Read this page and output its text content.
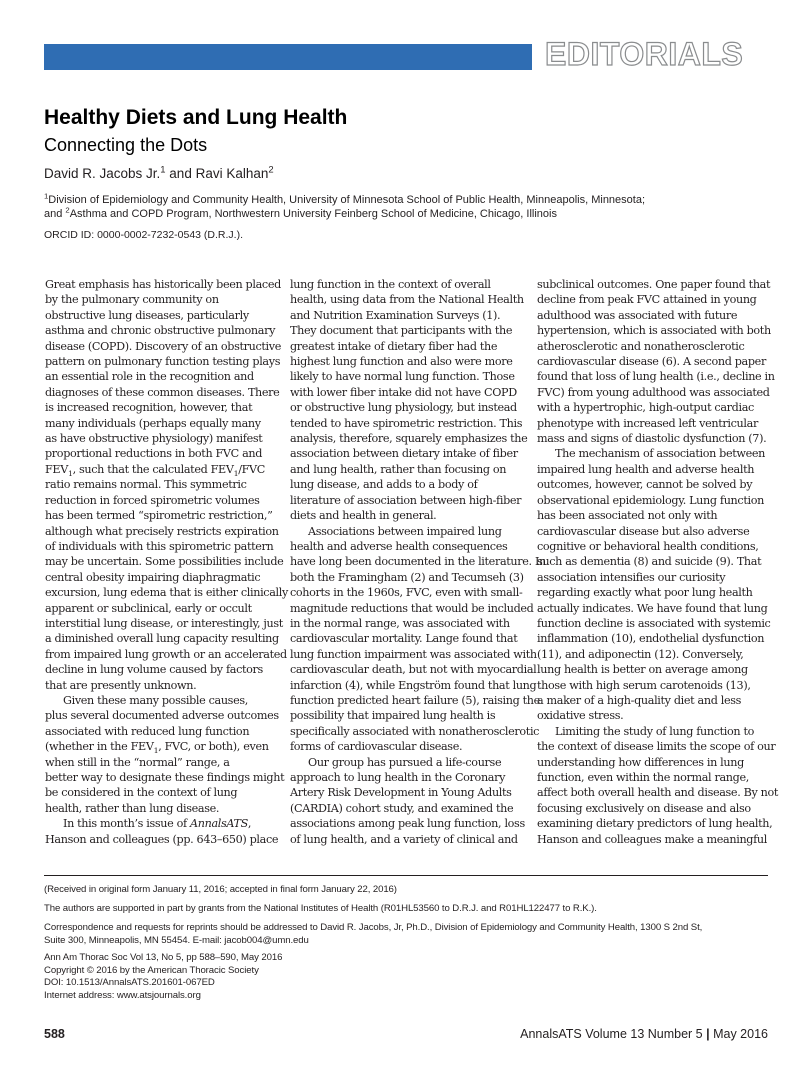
EDITORIALS
Healthy Diets and Lung Health
Connecting the Dots
David R. Jacobs Jr.$^1$ and Ravi Kalhan$^2$
$^1$Division of Epidemiology and Community Health, University of Minnesota School of Public Health, Minneapolis, Minnesota;
and $^2$Asthma and COPD Program, Northwestern University Feinberg School of Medicine, Chicago, Illinois
ORCID ID: 0000-0002-7232-0543 (D.R.J.).
Great emphasis has historically been placed
by the pulmonary community on
obstructive lung diseases, particularly
asthma and chronic obstructive pulmonary
disease (COPD). Discovery of an obstructive
pattern on pulmonary function testing plays
an essential role in the recognition and
diagnoses of these common diseases. There
is increased recognition, however, that
many individuals (perhaps equally many
as have obstructive physiology) manifest
proportional reductions in both FVC and
$FEV_1$, such that the calculated $FEV_1$/FVC
ratio remains normal. This symmetric
reduction in forced spirometric volumes
has been termed “spirometric restriction,”
although what precisely restricts expiration
of individuals with this spirometric pattern
may be uncertain. Some possibilities include
central obesity impairing diaphragmatic
excursion, lung edema that is either clinically
apparent or subclinical, early or occult
interstitial lung disease, or interestingly, just
a diminished overall lung capacity resulting
from impaired lung growth or an accelerated
decline in lung volume caused by factors
that are presently unknown.
Given these many possible causes,
plus several documented adverse outcomes
associated with reduced lung function
(whether in the $FEV_1$, FVC, or both), even
when still in the “normal” range, a
better way to designate these findings might
be considered in the context of lung
health, rather than lung disease.
In this month’s issue of AnnalsATS,
Hanson and colleagues (pp. 643–650) place
lung function in the context of overall
health, using data from the National Health
and Nutrition Examination Surveys (1).
They document that participants with the
greatest intake of dietary fiber had the
highest lung function and also were more
likely to have normal lung function. Those
with lower fiber intake did not have COPD
or obstructive lung physiology, but instead
tended to have spirometric restriction. This
analysis, therefore, squarely emphasizes the
association between dietary intake of fiber
and lung health, rather than focusing on
lung disease, and adds to a body of
literature of association between high-fiber
diets and health in general.
Associations between impaired lung
health and adverse health consequences
have long been documented in the literature. In
both the Framingham (2) and Tecumseh (3)
cohorts in the 1960s, FVC, even with small-
magnitude reductions that would be included
in the normal range, was associated with
cardiovascular mortality. Lange found that
lung function impairment was associated with
cardiovascular death, but not with myocardial
infarction (4), while Engström found that lung
function predicted heart failure (5), raising the
possibility that impaired lung health is
specifically associated with nonatherosclerotic
forms of cardiovascular disease.
Our group has pursued a life-course
approach to lung health in the Coronary
Artery Risk Development in Young Adults
(CARDIA) cohort study, and examined the
associations among peak lung function, loss
of lung health, and a variety of clinical and
subclinical outcomes. One paper found that
decline from peak FVC attained in young
adulthood was associated with future
hypertension, which is associated with both
atherosclerotic and nonatherosclerotic
cardiovascular disease (6). A second paper
found that loss of lung health (i.e., decline in
FVC) from young adulthood was associated
with a hypertrophic, high-output cardiac
phenotype with increased left ventricular
mass and signs of diastolic dysfunction (7).
The mechanism of association between
impaired lung health and adverse health
outcomes, however, cannot be solved by
observational epidemiology. Lung function
has been associated not only with
cardiovascular disease but also adverse
cognitive or behavioral health conditions,
such as dementia (8) and suicide (9). That
association intensifies our curiosity
regarding exactly what poor lung health
actually indicates. We have found that lung
function decline is associated with systemic
inflammation (10), endothelial dysfunction
(11), and adiponectin (12). Conversely,
lung health is better on average among
those with high serum carotenoids (13),
a maker of a high-quality diet and less
oxidative stress.
Limiting the study of lung function to
the context of disease limits the scope of our
understanding how differences in lung
function, even within the normal range,
affect both overall health and disease. By not
focusing exclusively on disease and also
examining dietary predictors of lung health,
Hanson and colleagues make a meaningful
(Received in original form January 11, 2016; accepted in final form January 22, 2016)
The authors are supported in part by grants from the National Institutes of Health (R01HL53560 to D.R.J. and R01HL122477 to R.K.).
Correspondence and requests for reprints should be addressed to David R. Jacobs, Jr, Ph.D., Division of Epidemiology and Community Health, 1300 S 2nd St,
Suite 300, Minneapolis, MN 55454. E-mail: jacob004@umn.edu
Ann Am Thorac Soc Vol 13, No 5, pp 588–590, May 2016
Copyright © 2016 by the American Thoracic Society
DOI: 10.1513/AnnalsATS.201601-067ED
Internet address: www.atsjournals.org
588	AnnalsATS Volume 13 Number 5 | May 2016
